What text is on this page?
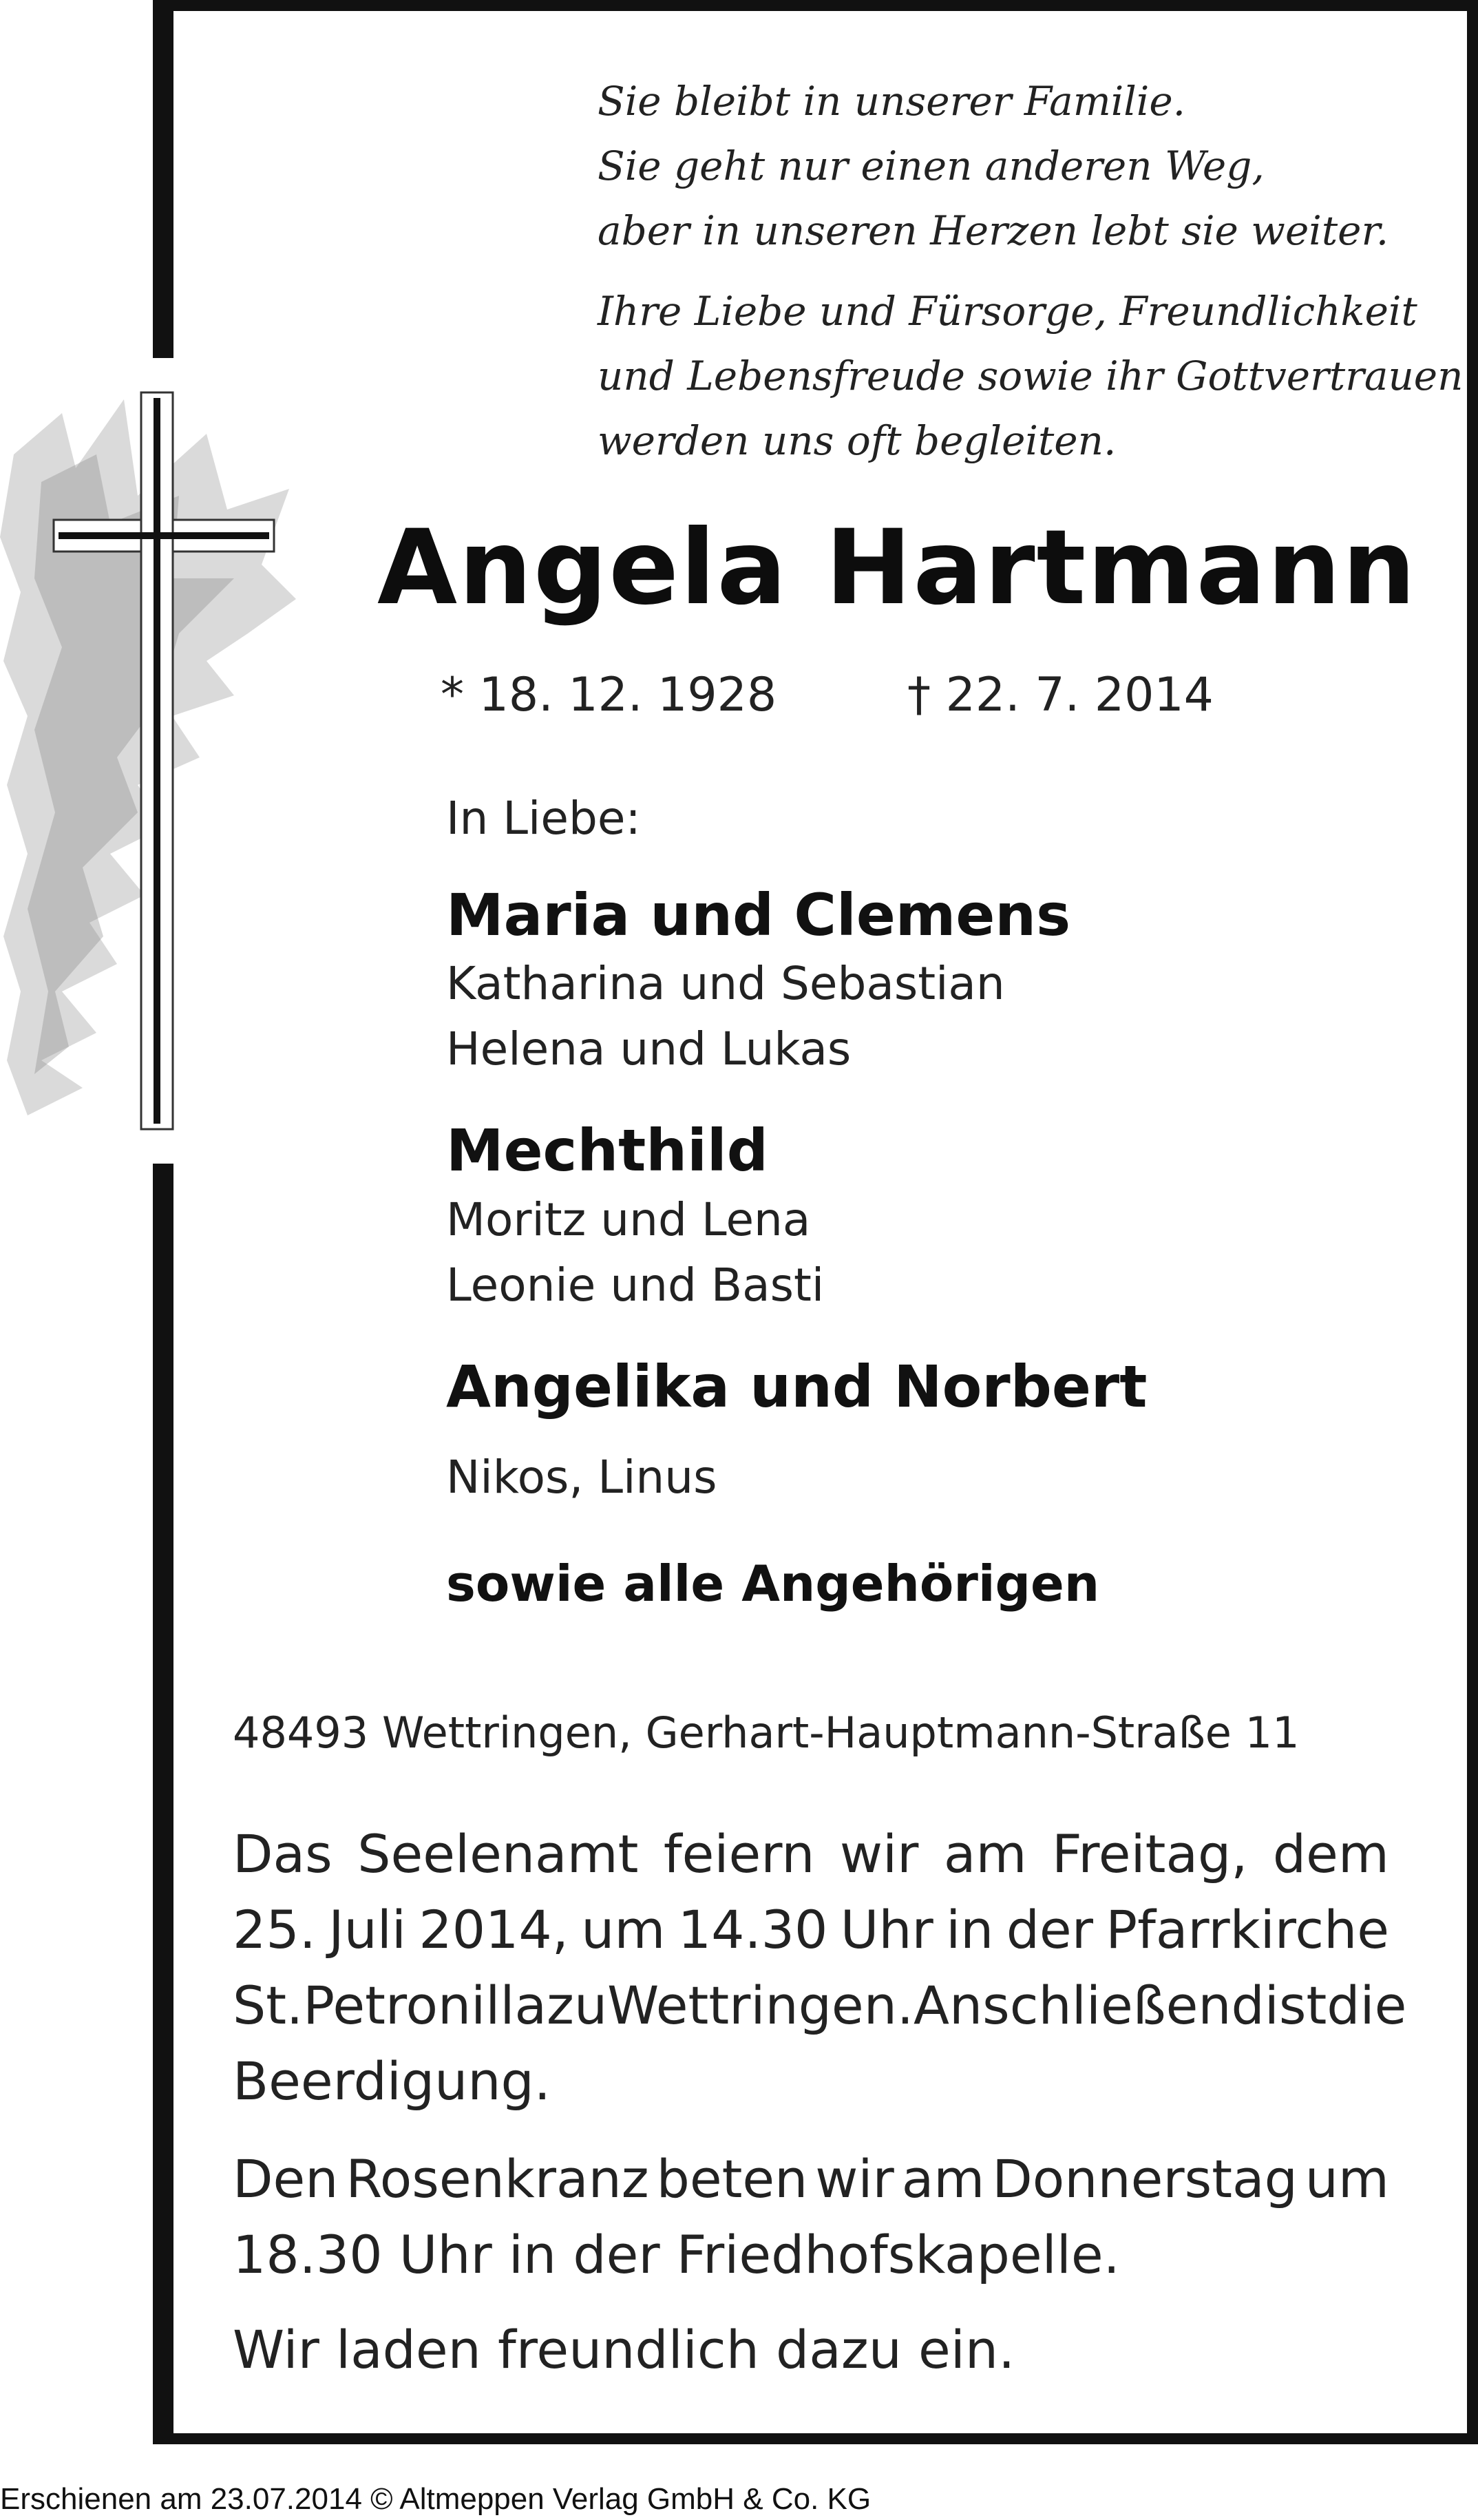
Sie bleibt in unserer Familie.
Sie geht nur einen anderen Weg,
aber in unseren Herzen lebt sie weiter.
Ihre Liebe und Fürsorge, Freundlichkeit
und Lebensfreude sowie ihr Gottvertrauen
werden uns oft begleiten.
Angela Hartmann
* 18. 12. 1928	† 22. 7. 2014
In Liebe:
Maria und Clemens
Katharina und Sebastian
Helena und Lukas
Mechthild
Moritz und Lena
Leonie und Basti
Angelika und Norbert
Nikos, Linus
sowie alle Angehörigen
48493 Wettringen, Gerhart-Hauptmann-Straße 11
Das Seelenamt feiern wir am Freitag, dem
25. Juli 2014, um 14.30 Uhr in der Pfarrkirche
St. Petronilla zu Wettringen. Anschließend ist die
Beerdigung.
Den Rosenkranz beten wir am Donnerstag um
18.30 Uhr in der Friedhofskapelle.
Wir laden freundlich dazu ein.
Erschienen am 23.07.2014 © Altmeppen Verlag GmbH & Co. KG
